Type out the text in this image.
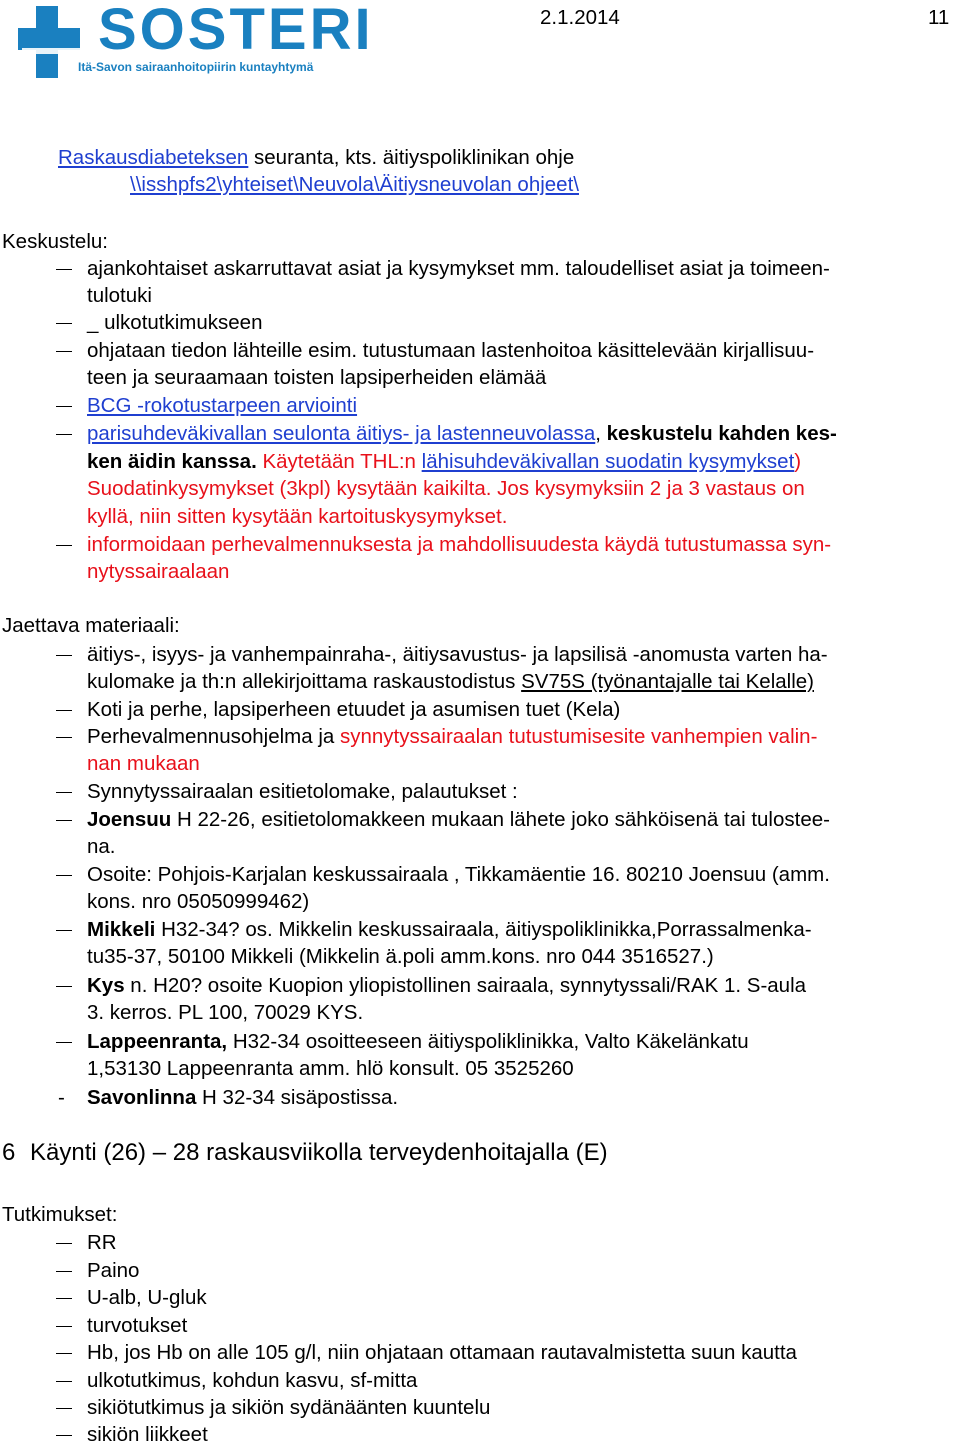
SOSTERI
Itä-Savon sairaanhoitopiirin kuntayhtymä
2.1.2014	11
Raskausdiabeteksen seuranta, kts. äitiyspoliklinikan ohje
\\isshpfs2\yhteiset\Neuvola\Äitiysneuvolan ohjeet\
Keskustelu:
ajankohtaiset askarruttavat asiat ja kysymykset mm. taloudelliset asiat ja toimeen-
tulotuki
_ ulkotutkimukseen
ohjataan tiedon lähteille esim. tutustumaan lastenhoitoa käsittelevään kirjallisuu-
teen ja seuraamaan toisten lapsiperheiden elämää
BCG -rokotustarpeen arviointi
parisuhdeväkivallan seulonta äitiys- ja lastenneuvolassa, keskustelu kahden kes-
ken äidin kanssa. Käytetään THL:n lähisuhdeväkivallan suodatin kysymykset)
Suodatinkysymykset (3kpl) kysytään kaikilta. Jos kysymyksiin 2 ja 3 vastaus on
kyllä, niin sitten kysytään kartoituskysymykset.
informoidaan perhevalmennuksesta ja mahdollisuudesta käydä tutustumassa syn-
nytyssairaalaan
Jaettava materiaali:
äitiys-, isyys- ja vanhempainraha-, äitiysavustus- ja lapsilisä -anomusta varten ha-
kulomake ja th:n allekirjoittama raskaustodistus SV75S (työnantajalle tai Kelalle)
Koti ja perhe, lapsiperheen etuudet ja asumisen tuet (Kela)
Perhevalmennusohjelma ja synnytyssairaalan tutustumisesite vanhempien valin-
nan mukaan
Synnytyssairaalan esitietolomake, palautukset :
Joensuu H 22-26, esitietolomakkeen mukaan lähete joko sähköisenä tai tulostee-
na.
Osoite: Pohjois-Karjalan keskussairaala , Tikkamäentie 16. 80210 Joensuu (amm.
kons. nro 05050999462)
Mikkeli H32-34? os. Mikkelin keskussairaala, äitiyspoliklinikka,Porrassalmenka-
tu35-37, 50100 Mikkeli (Mikkelin ä.poli amm.kons. nro 044 3516527.)
Kys n. H20? osoite Kuopion yliopistollinen sairaala, synnytyssali/RAK 1. S-aula
3. kerros. PL 100, 70029 KYS.
Lappeenranta, H32-34 osoitteeseen äitiyspoliklinikka, Valto Käkelänkatu
1,53130 Lappeenranta amm. hlö konsult. 05 3525260
- Savonlinna H 32-34 sisäpostissa.
6 Käynti (26) – 28 raskausviikolla terveydenhoitajalla (E)
Tutkimukset:
RR
Paino
U-alb, U-gluk
turvotukset
Hb, jos Hb on alle 105 g/l, niin ohjataan ottamaan rautavalmistetta suun kautta
ulkotutkimus, kohdun kasvu, sf-mitta
sikiötutkimus ja sikiön sydänäänten kuuntelu
sikiön liikkeet
